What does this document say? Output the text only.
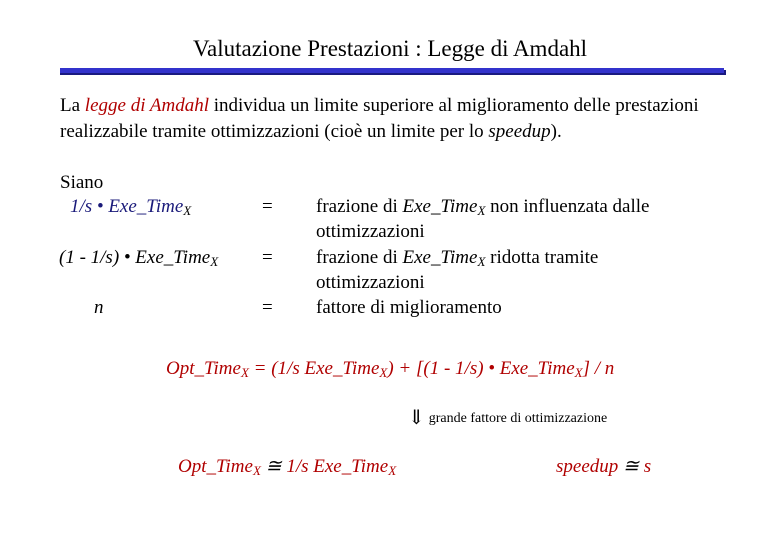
Valutazione Prestazioni : Legge di Amdahl
La legge di Amdahl individua un limite superiore al miglioramento delle prestazioni
realizzabile tramite ottimizzazioni (cioè un limite per lo speedup).
Siano
1/s • Exe_Time$_X$	= frazione di Exe_Time$_X$ non influenzata dalle
ottimizzazioni
(1 - 1/s) • Exe_Time$_X$ = frazione di Exe_Time$_X$ ridotta tramite
ottimizzazioni
n	= fattore di miglioramento
Opt_Time$_X$ = (1/s Exe_Time$_X$) + [(1 - 1/s) • Exe_Time$_X$] / n
⇓ grande fattore di ottimizzazione
Opt_Time$_X$ ≅ 1/s Exe_Time$_X$	speedup ≅ s
